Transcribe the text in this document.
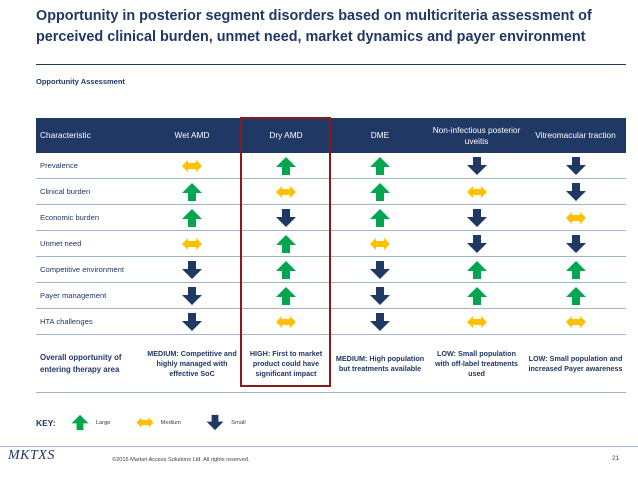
Opportunity in posterior segment disorders based on multicriteria assessment of
perceived clinical burden, unmet need, market dynamics and payer environment
Opportunity Assessment
Characteristic	Wet AMD	Dry AMD	DME	Non-infectious posterior uveitis	Vitreomacular traction
Prevalence					
Clinical burden					
Economic burden					
Unmet need					
Competitive environment					
Payer management					
HTA challenges					
Overall opportunity of entering therapy area	MEDIUM: Competitive and highly managed with effective SoC	HIGH: First to market product could have significant impact	MEDIUM: High population but treatments available	LOW: Small population with off-label treatments used	LOW: Small population and increased Payer awareness
KEY:	Large	Medium	Small
MKTXS	©2015 Market Access Solutions Ltd. All rights reserved.	21
